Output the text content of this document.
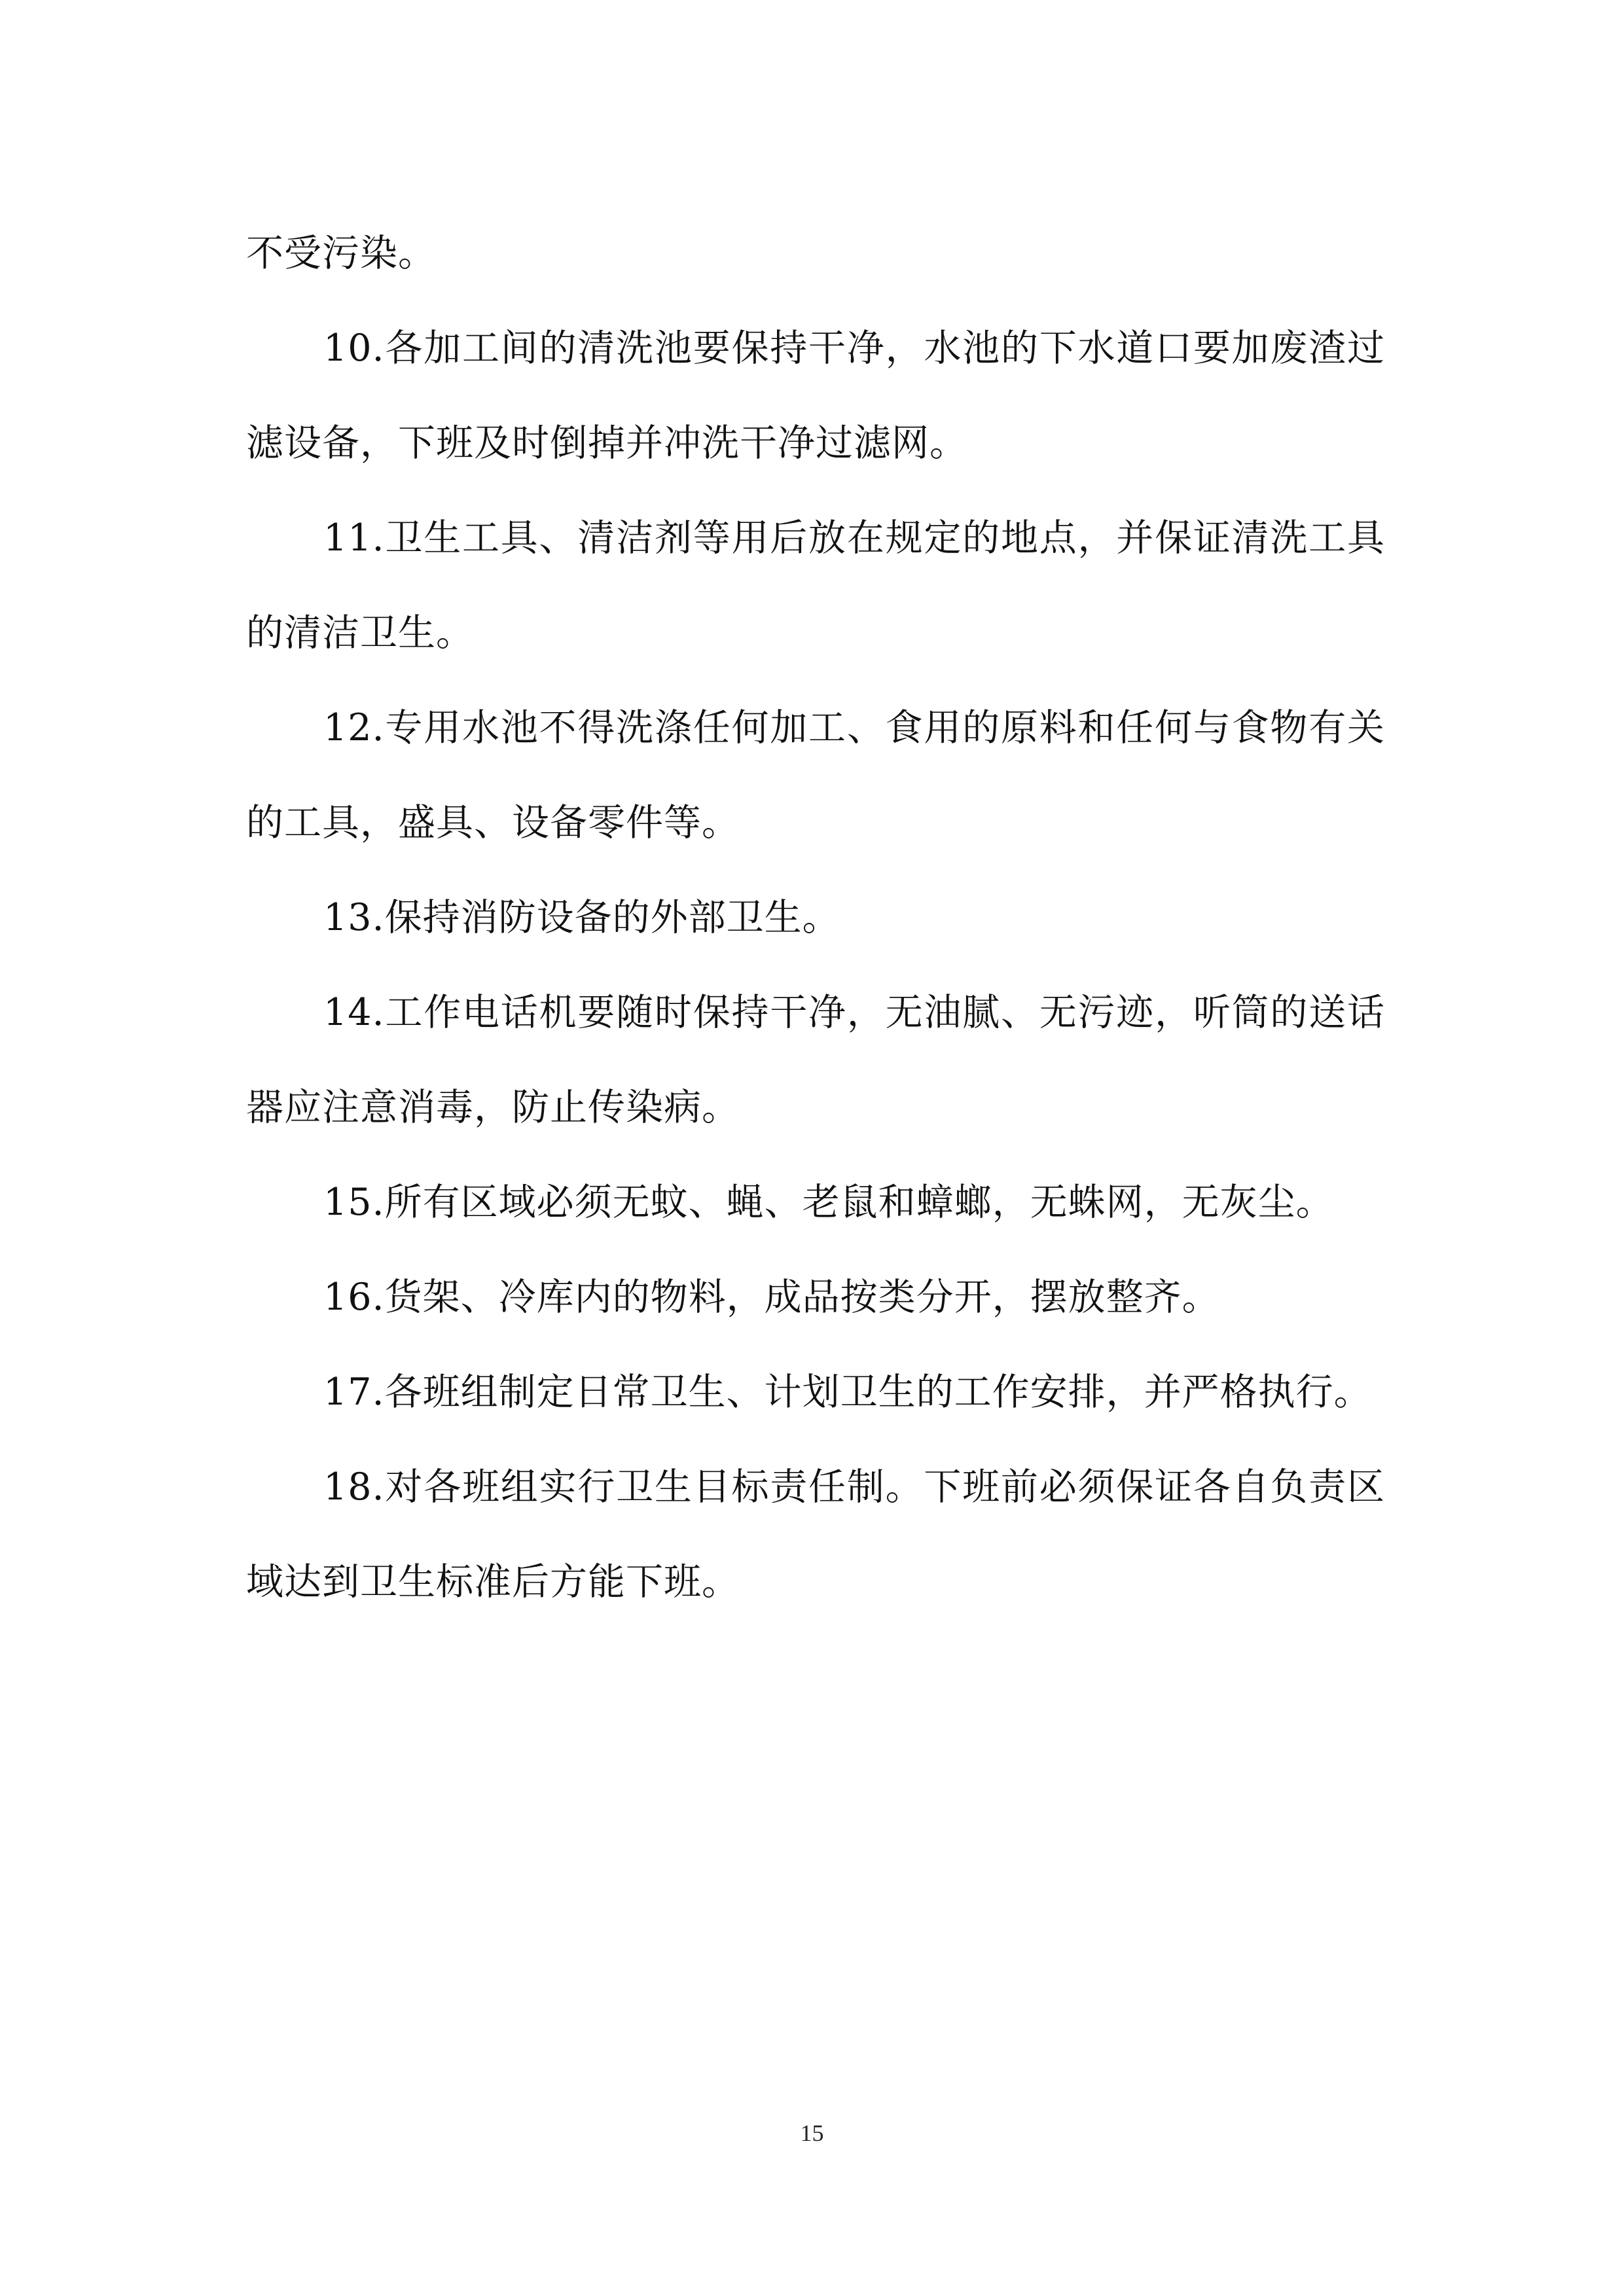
不受污染。

10.各加工间的清洗池要保持干净，水池的下水道口要加废渣过滤设备，下班及时倒掉并冲洗干净过滤网。

11.卫生工具、清洁剂等用后放在规定的地点，并保证清洗工具的清洁卫生。

12.专用水池不得洗涤任何加工、食用的原料和任何与食物有关的工具，盛具、设备零件等。

13.保持消防设备的外部卫生。

14.工作电话机要随时保持干净，无油腻、无污迹，听筒的送话器应注意消毒，防止传染病。

15.所有区域必须无蚊、蝇、老鼠和蟑螂，无蛛网，无灰尘。

16.货架、冷库内的物料，成品按类分开，摆放整齐。

17.各班组制定日常卫生、计划卫生的工作安排，并严格执行。

18.对各班组实行卫生目标责任制。下班前必须保证各自负责区域达到卫生标准后方能下班。

15
